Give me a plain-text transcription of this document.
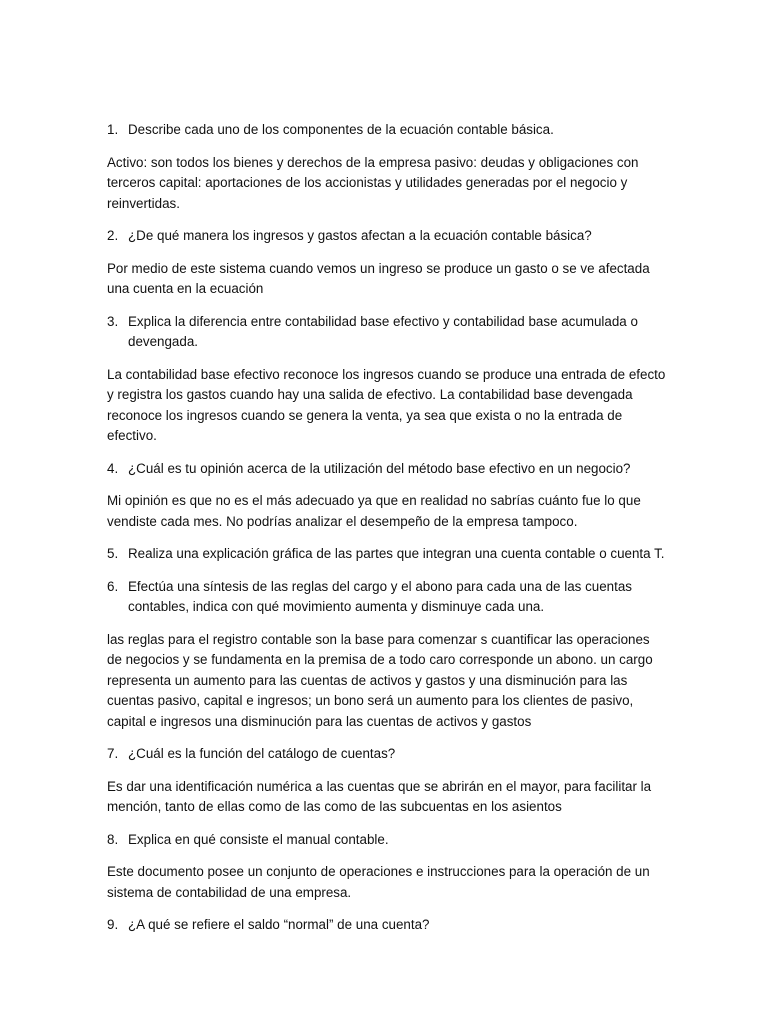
1. Describe cada uno de los componentes de la ecuación contable básica.

Activo: son todos los bienes y derechos de la empresa pasivo: deudas y obligaciones con terceros capital: aportaciones de los accionistas y utilidades generadas por el negocio y reinvertidas.

2. ¿De qué manera los ingresos y gastos afectan a la ecuación contable básica?

Por medio de este sistema cuando vemos un ingreso se produce un gasto o se ve afectada una cuenta en la ecuación

3. Explica la diferencia entre contabilidad base efectivo y contabilidad base acumulada o devengada.

La contabilidad base efectivo reconoce los ingresos cuando se produce una entrada de efecto y registra los gastos cuando hay una salida de efectivo. La contabilidad base devengada reconoce los ingresos cuando se genera la venta, ya sea que exista o no la entrada de efectivo.

4. ¿Cuál es tu opinión acerca de la utilización del método base efectivo en un negocio?

Mi opinión es que no es el más adecuado ya que en realidad no sabrías cuánto fue lo que vendiste cada mes. No podrías analizar el desempeño de la empresa tampoco.

5. Realiza una explicación gráfica de las partes que integran una cuenta contable o cuenta T.
6. Efectúa una síntesis de las reglas del cargo y el abono para cada una de las cuentas contables, indica con qué movimiento aumenta y disminuye cada una.

las reglas para el registro contable son la base para comenzar s cuantificar las operaciones de negocios y se fundamenta en la premisa de a todo caro corresponde un abono. un cargo representa un aumento para las cuentas de activos y gastos y una disminución para las cuentas pasivo, capital e ingresos; un bono será un aumento para los clientes de pasivo, capital e ingresos una disminución para las cuentas de activos y gastos

7. ¿Cuál es la función del catálogo de cuentas?

Es dar una identificación numérica a las cuentas que se abrirán en el mayor, para facilitar la mención, tanto de ellas como de las como de las subcuentas en los asientos

8. Explica en qué consiste el manual contable.

Este documento posee un conjunto de operaciones e instrucciones para la operación de un sistema de contabilidad de una empresa.

9. ¿A qué se refiere el saldo “normal” de una cuenta?
